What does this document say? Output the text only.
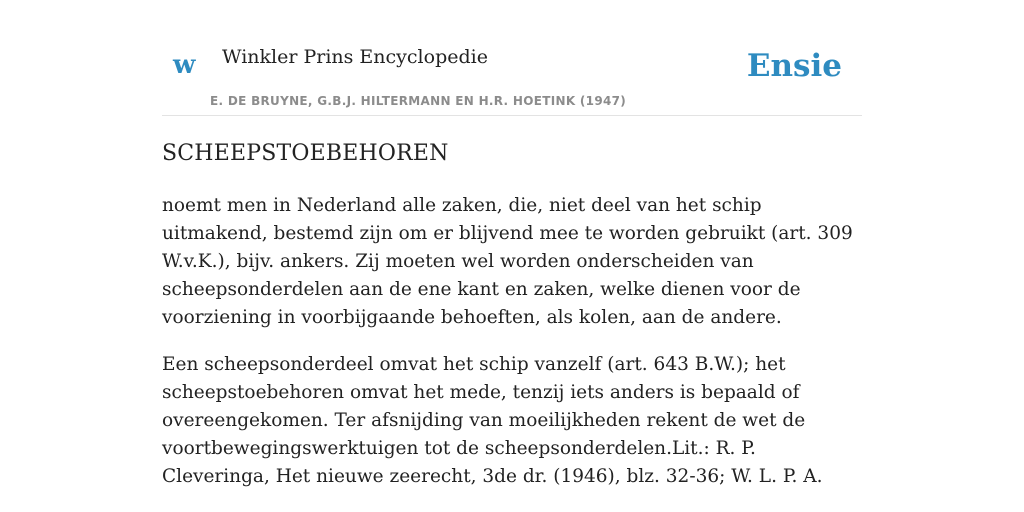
w Winkler Prins Encyclopedie
E. DE BRUYNE, G.B.J. HILTERMANN EN H.R. HOETINK (1947)
Ensie
SCHEEPSTOEBEHOREN

noemt men in Nederland alle zaken, die, niet deel van het schip uitmakend, bestemd zijn om er blijvend mee te worden gebruikt (art. 309 W.v.K.), bijv. ankers. Zij moeten wel worden onderscheiden van scheepsonderdelen aan de ene kant en zaken, welke dienen voor de voorziening in voorbijgaande behoeften, als kolen, aan de andere.

Een scheepsonderdeel omvat het schip vanzelf (art. 643 B.W.); het scheepstoebehoren omvat het mede, tenzij iets anders is bepaald of overeengekomen. Ter afsnijding van moeilijkheden rekent de wet de voortbewegingswerktuigen tot de scheepsonderdelen.Lit.: R. P. Cleveringa, Het nieuwe zeerecht, 3de dr. (1946), blz. 32-36; W. L. P. A.
